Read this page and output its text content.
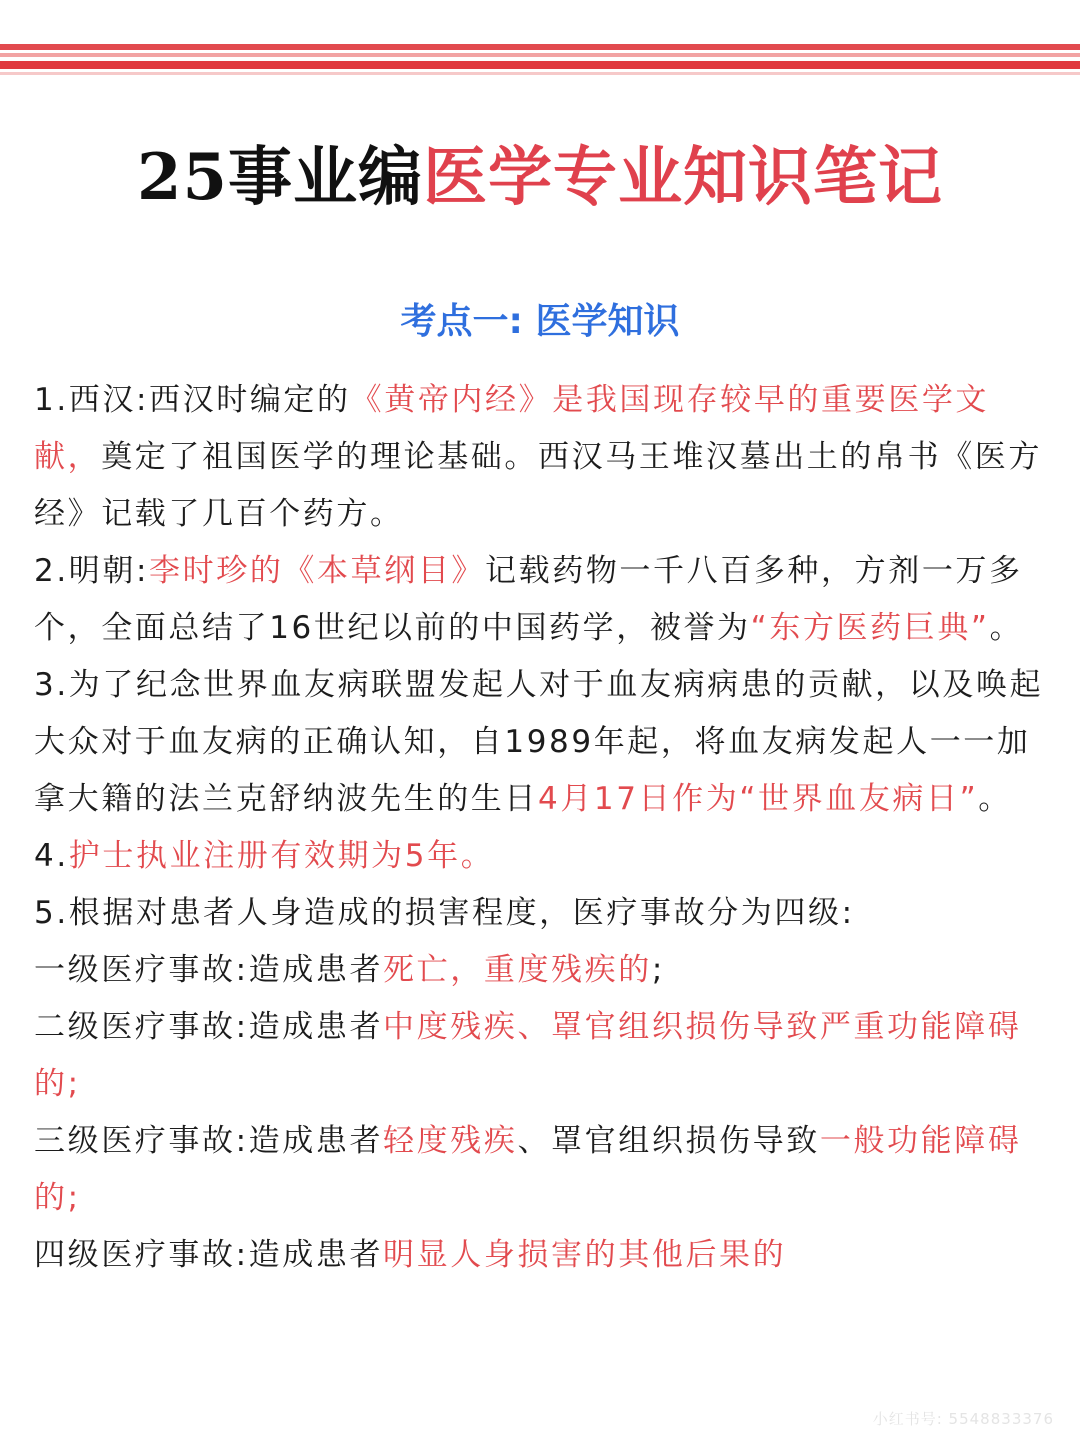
25事业编医学专业知识笔记
考点一: 医学知识
1.西汉:西汉时编定的《黄帝内经》是我国现存较早的重要医学文献，奠定了祖国医学的理论基础。西汉马王堆汉墓出土的帛书《医方经》记载了几百个药方。
2.明朝:李时珍的《本草纲目》记载药物一千八百多种，方剂一万多个，全面总结了16世纪以前的中国药学，被誉为“东方医药巨典”。
3.为了纪念世界血友病联盟发起人对于血友病病患的贡献，以及唤起大众对于血友病的正确认知，自1989年起，将血友病发起人一一加拿大籍的法兰克舒纳波先生的生日4月17日作为“世界血友病日”。
4.护士执业注册有效期为5年。
5.根据对患者人身造成的损害程度，医疗事故分为四级:
一级医疗事故:造成患者死亡，重度残疾的;
二级医疗事故:造成患者中度残疾、罩官组织损伤导致严重功能障碍的;
三级医疗事故:造成患者轻度残疾、罩官组织损伤导致一般功能障碍的;
四级医疗事故:造成患者明显人身损害的其他后果的
小红书号: 5548833376
